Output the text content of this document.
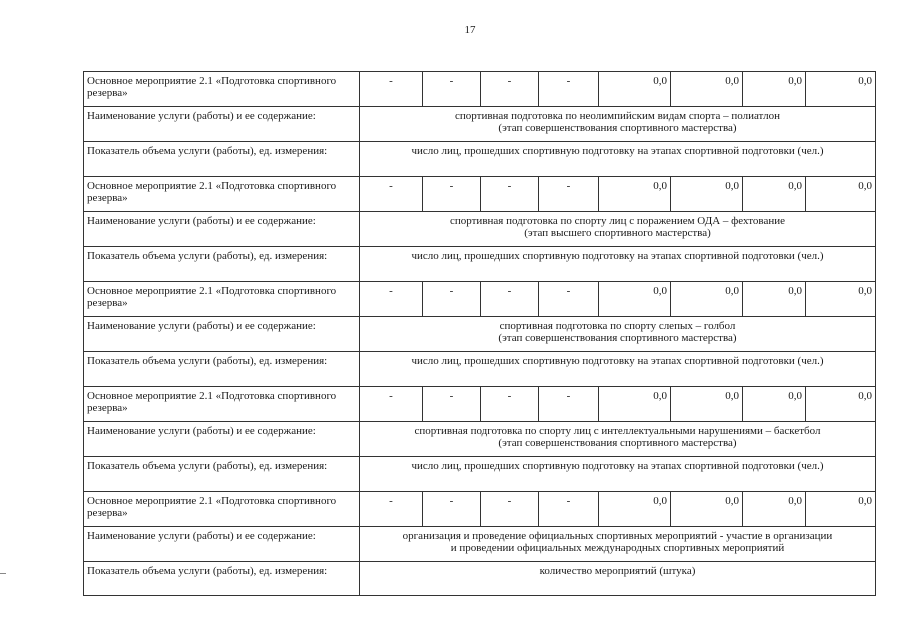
17
Основное мероприятие 2.1 «Подготовка спортивного резерва»	-	-	-	-	0,0	0,0	0,0	0,0
Наименование услуги (работы) и ее содержание:	спортивная подготовка по неолимпийским видам спорта – полиатлон
(этап совершенствования спортивного мастерства)							

Показатель объема услуги (работы), ед. измерения:	число лиц, прошедших спортивную подготовку на этапах спортивной подготовки (чел.)							
Основное мероприятие 2.1 «Подготовка спортивного резерва»	-	-	-	-	0,0	0,0	0,0	0,0
Наименование услуги (работы) и ее содержание:	спортивная подготовка по спорту лиц с поражением ОДА – фехтование
(этап высшего спортивного мастерства)							

Показатель объема услуги (работы), ед. измерения:	число лиц, прошедших спортивную подготовку на этапах спортивной подготовки (чел.)							
Основное мероприятие 2.1 «Подготовка спортивного резерва»	-	-	-	-	0,0	0,0	0,0	0,0
Наименование услуги (работы) и ее содержание:	спортивная подготовка по спорту слепых – голбол
(этап совершенствования спортивного мастерства)							

Показатель объема услуги (работы), ед. измерения:	число лиц, прошедших спортивную подготовку на этапах спортивной подготовки (чел.)							
Основное мероприятие 2.1 «Подготовка спортивного резерва»	-	-	-	-	0,0	0,0	0,0	0,0
Наименование услуги (работы) и ее содержание:	спортивная подготовка по спорту лиц с интеллектуальными нарушениями – баскетбол
(этап совершенствования спортивного мастерства)							

Показатель объема услуги (работы), ед. измерения:	число лиц, прошедших спортивную подготовку на этапах спортивной подготовки (чел.)							
Основное мероприятие 2.1 «Подготовка спортивного резерва»	-	-	-	-	0,0	0,0	0,0	0,0
Наименование услуги (работы) и ее содержание:	организация и проведение официальных спортивных мероприятий - участие в организации
и проведении официальных международных спортивных мероприятий							

Показатель объема услуги (работы), ед. измерения:	количество мероприятий (штука)							
